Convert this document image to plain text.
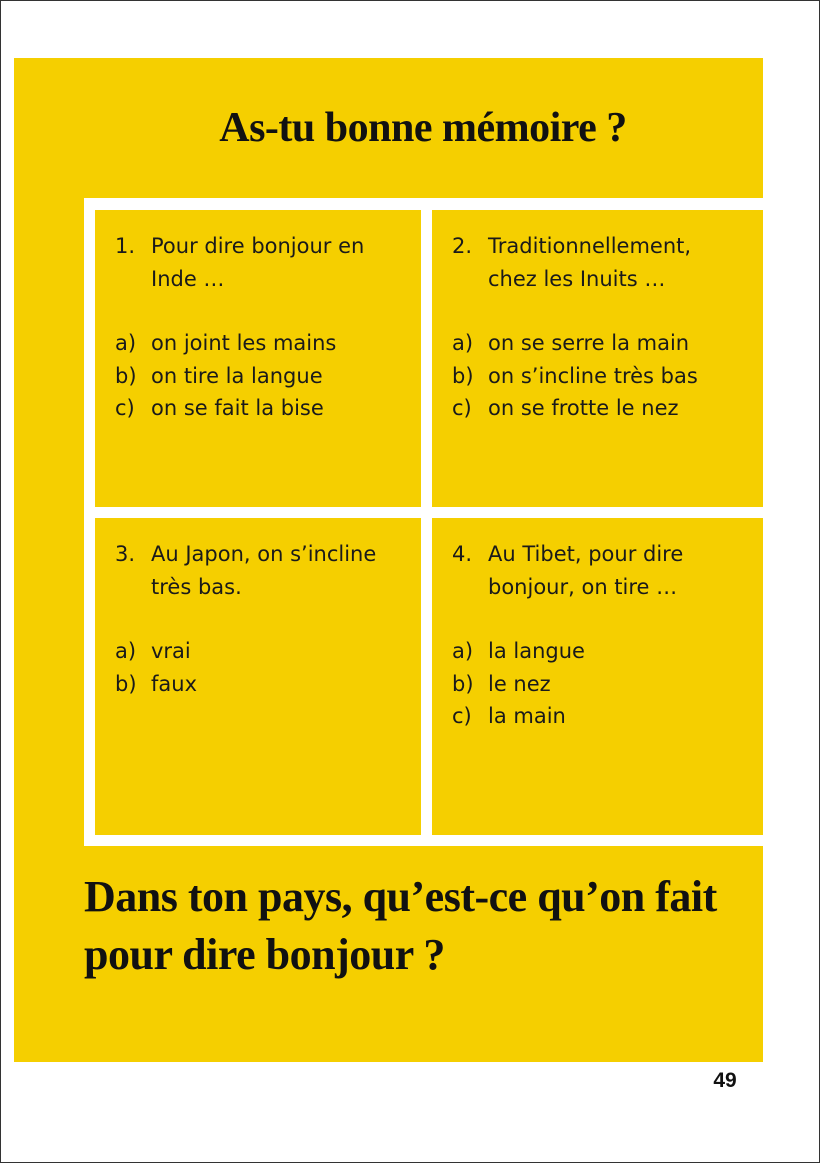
As-tu bonne mémoire ?
1. Pour dire bonjour en Inde …
a) on joint les mains
b) on tire la langue
c) on se fait la bise
2. Traditionnellement, chez les Inuits …
a) on se serre la main
b) on s’incline très bas
c) on se frotte le nez
3. Au Japon, on s’incline très bas.
a) vrai
b) faux
4. Au Tibet, pour dire bonjour, on tire …
a) la langue
b) le nez
c) la main
Dans ton pays, qu’est-ce qu’on fait pour dire bonjour ?
49
